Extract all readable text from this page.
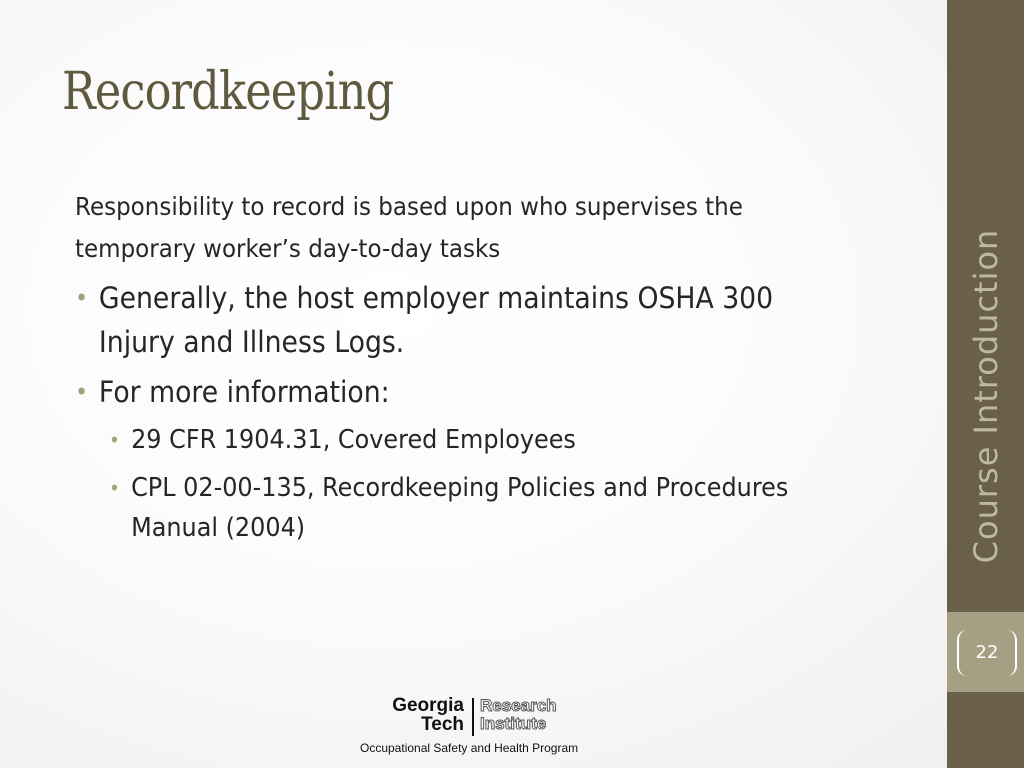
Recordkeeping

Responsibility to record is based upon who supervises the temporary worker’s day-to-day tasks

• Generally, the host employer maintains OSHA 300 Injury and Illness Logs.
• For more information:
• 29 CFR 1904.31, Covered Employees
• CPL 02-00-135, Recordkeeping Policies and Procedures Manual (2004)	Course Introduction
22
Georgia
Tech
Research
Institute
Occupational Safety and Health Program
